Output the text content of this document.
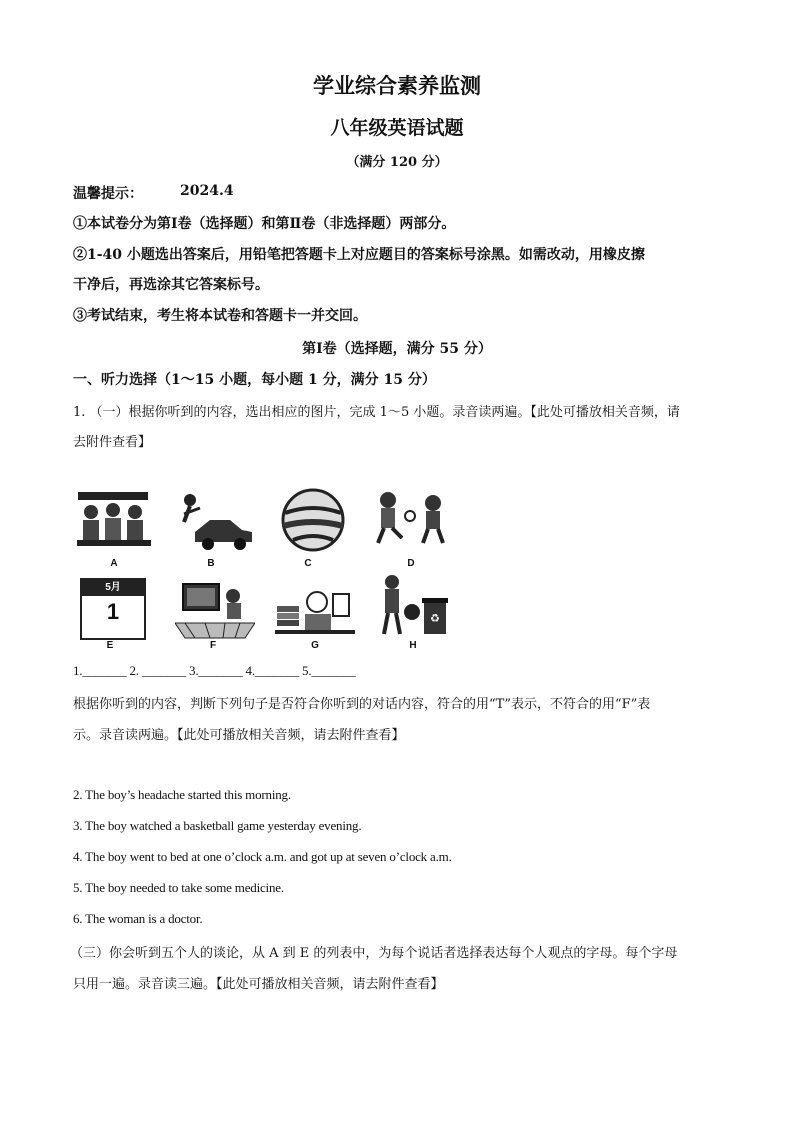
学业综合素养监测
八年级英语试题
（满分 120 分）
温馨提示：	2024.4
①本试卷分为第Ⅰ卷（选择题）和第Ⅱ卷（非选择题）两部分。
②1-40 小题选出答案后，用铅笔把答题卡上对应题目的答案标号涂黑。如需改动，用橡皮擦
干净后，再选涂其它答案标号。
③考试结束，考生将本试卷和答题卡一并交回。
第Ⅰ卷（选择题，满分 55 分）
一、听力选择（1～15 小题，每小题 1 分，满分 15 分）
1. （一）根据你听到的内容，选出相应的图片，完成 1～5 小题。录音读两遍。【此处可播放相关音频，请
去附件查看】
A	B	C	D
5月
1
E	F	G
♻
H
1._______ 2. _______ 3._______ 4._______ 5._______
根据你听到的内容，判断下列句子是否符合你听到的对话内容，符合的用“T”表示，不符合的用“F”表
示。录音读两遍。【此处可播放相关音频，请去附件查看】
2. The boy’s headache started this morning.
3. The boy watched a basketball game yesterday evening.
4. The boy went to bed at one o’clock a.m. and got up at seven o’clock a.m.
5. The boy needed to take some medicine.
6. The woman is a doctor.
（三）你会听到五个人的谈论，从 A 到 E 的列表中，为每个说话者选择表达每个人观点的字母。每个字母
只用一遍。录音读三遍。【此处可播放相关音频，请去附件查看】
